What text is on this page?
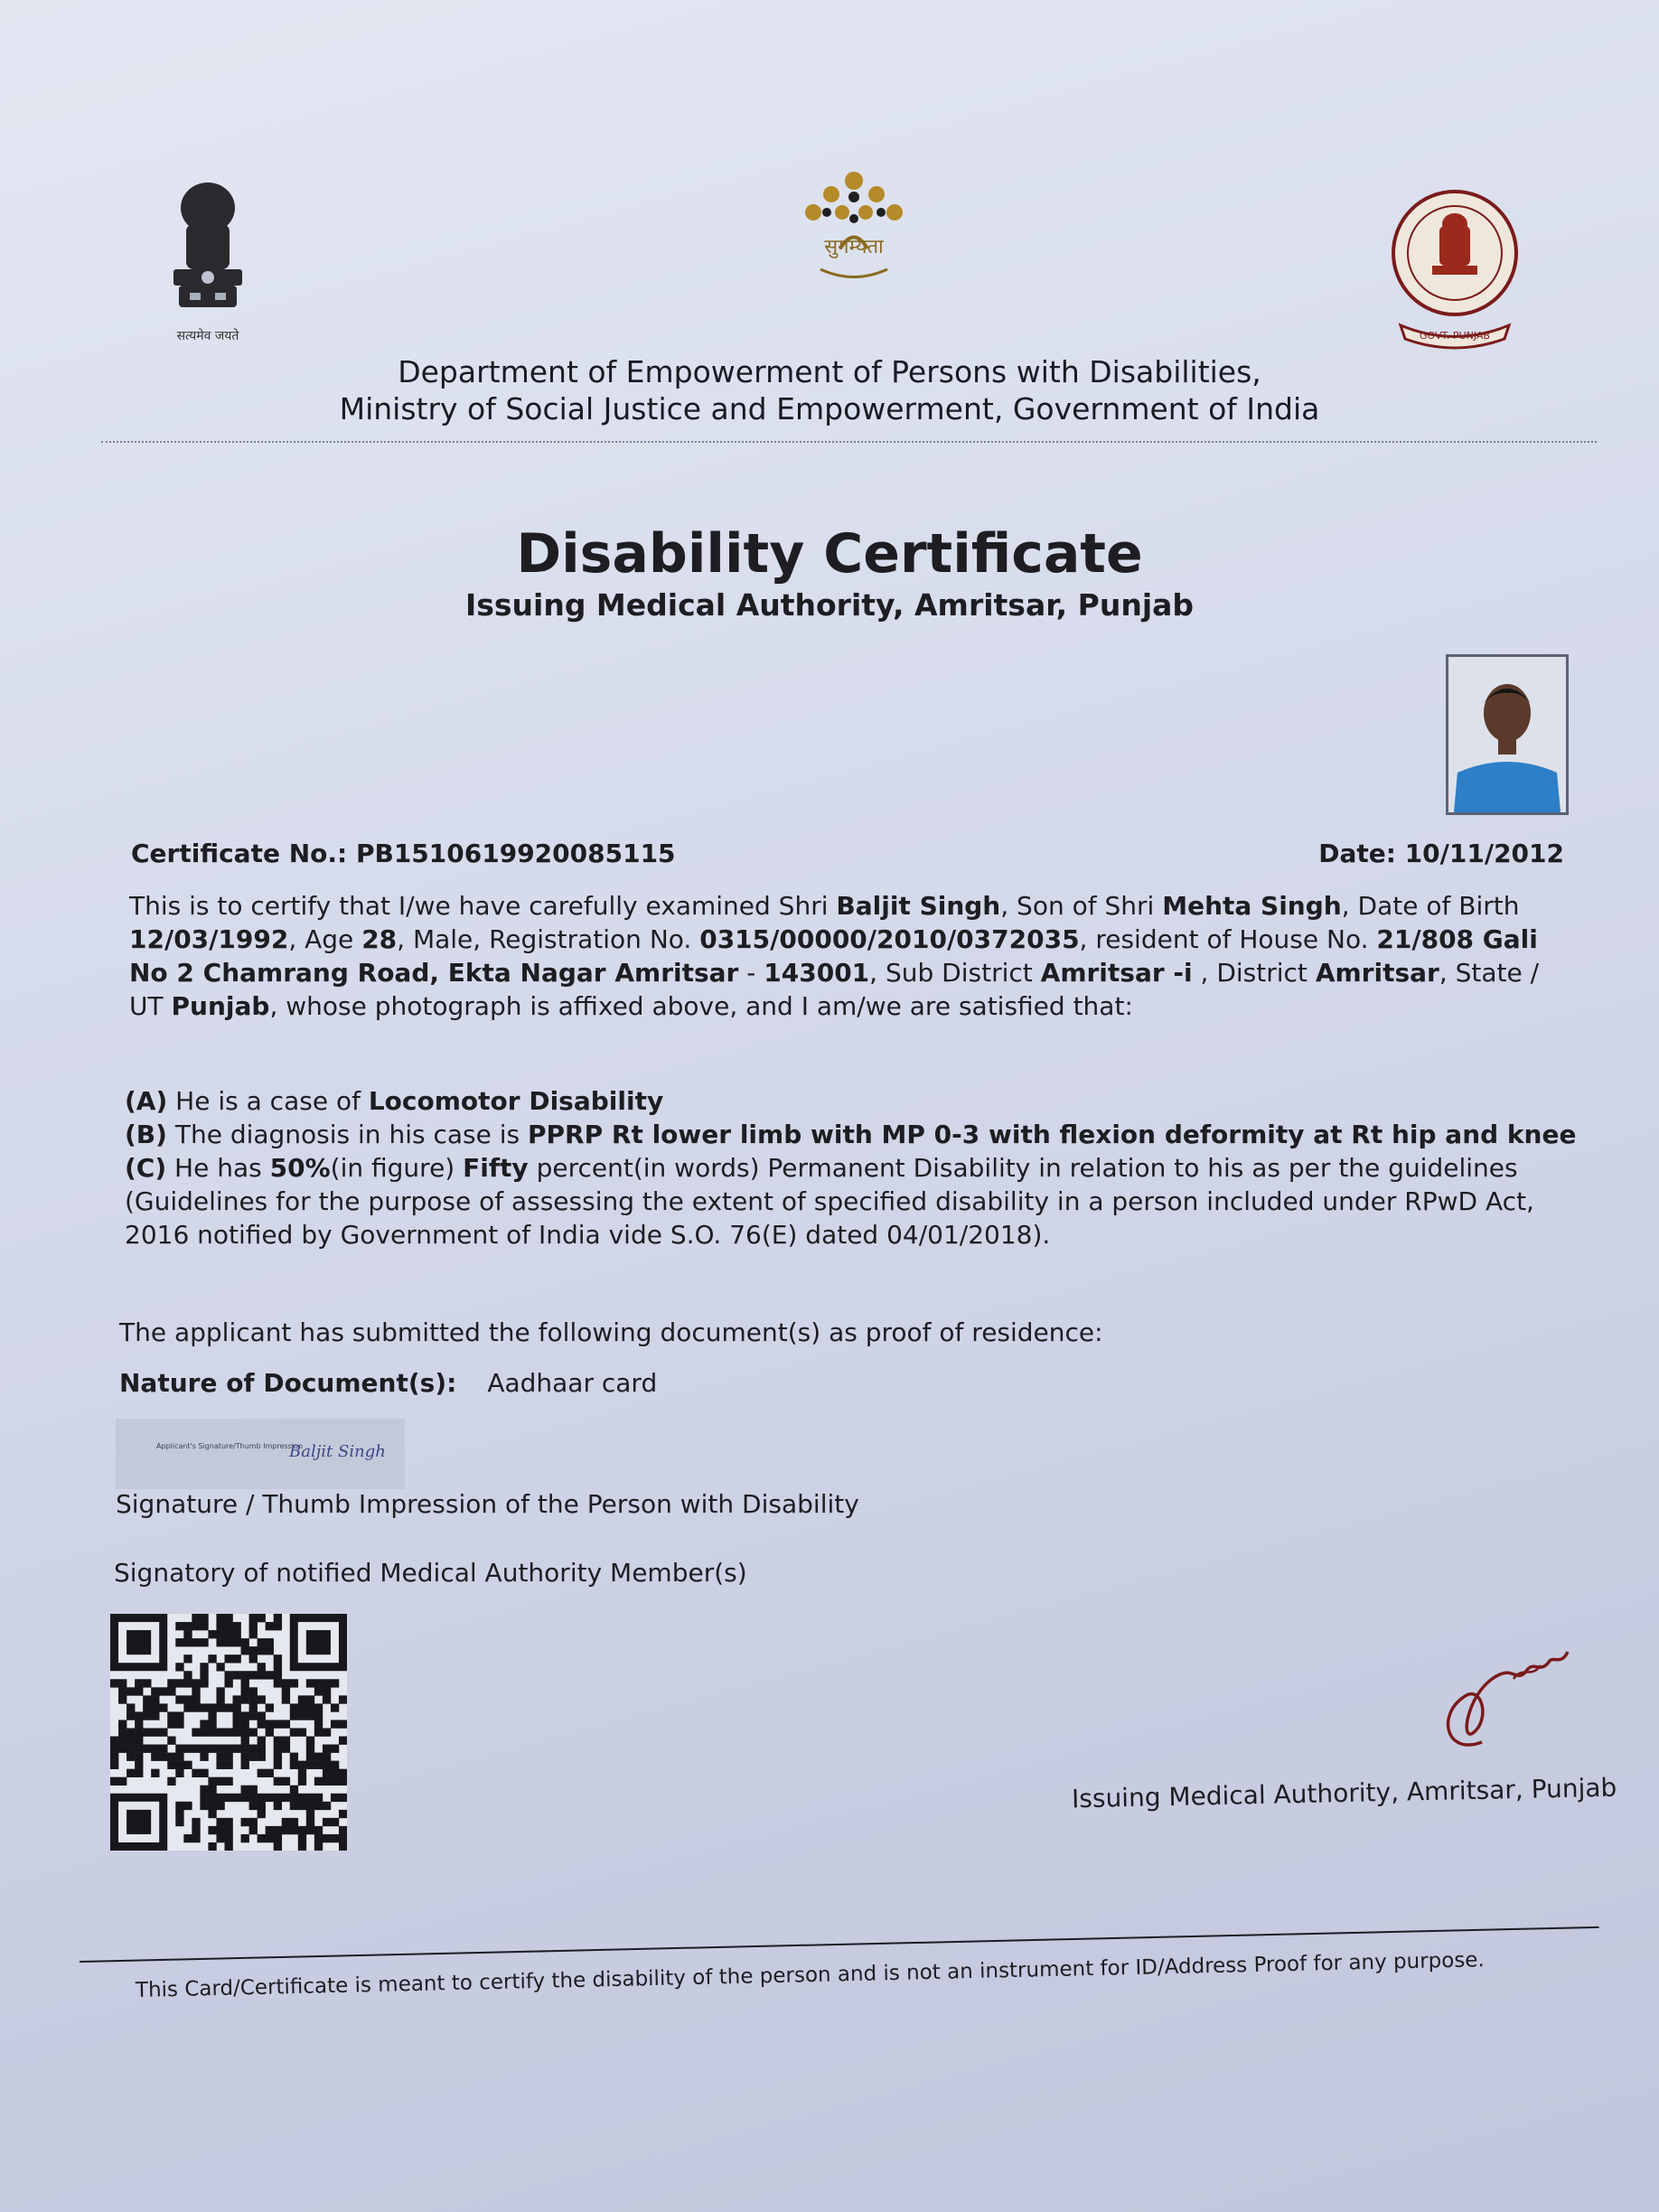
सत्यमेव जयते
सुगम्यता
GOVT. PUNJAB
Department of Empowerment of Persons with Disabilities,
Ministry of Social Justice and Empowerment, Government of India
Disability Certificate
Issuing Medical Authority, Amritsar, Punjab
Certificate No.: PB1510619920085115	Date: 10/11/2012
This is to certify that I/we have carefully examined Shri Baljit Singh, Son of Shri Mehta Singh, Date of Birth 12/03/1992, Age 28, Male, Registration No. 0315/00000/2010/0372035, resident of House No. 21/808 Gali No 2 Chamrang Road, Ekta Nagar Amritsar - 143001, Sub District Amritsar -i , District Amritsar, State / UT Punjab, whose photograph is affixed above, and I am/we are satisfied that:
(A) He is a case of Locomotor Disability
(B) The diagnosis in his case is PPRP Rt lower limb with MP 0-3 with flexion deformity at Rt hip and knee
(C) He has 50%(in figure) Fifty percent(in words) Permanent Disability in relation to his as per the guidelines (Guidelines for the purpose of assessing the extent of specified disability in a person included under RPwD Act, 2016 notified by Government of India vide S.O. 76(E) dated 04/01/2018).
The applicant has submitted the following document(s) as proof of residence:
Nature of Document(s): Aadhaar card
Applicant's Signature/Thumb Impression
Baljit Singh
Signature / Thumb Impression of the Person with Disability
Signatory of notified Medical Authority Member(s)
Issuing Medical Authority, Amritsar, Punjab
This Card/Certificate is meant to certify the disability of the person and is not an instrument for ID/Address Proof for any purpose.
